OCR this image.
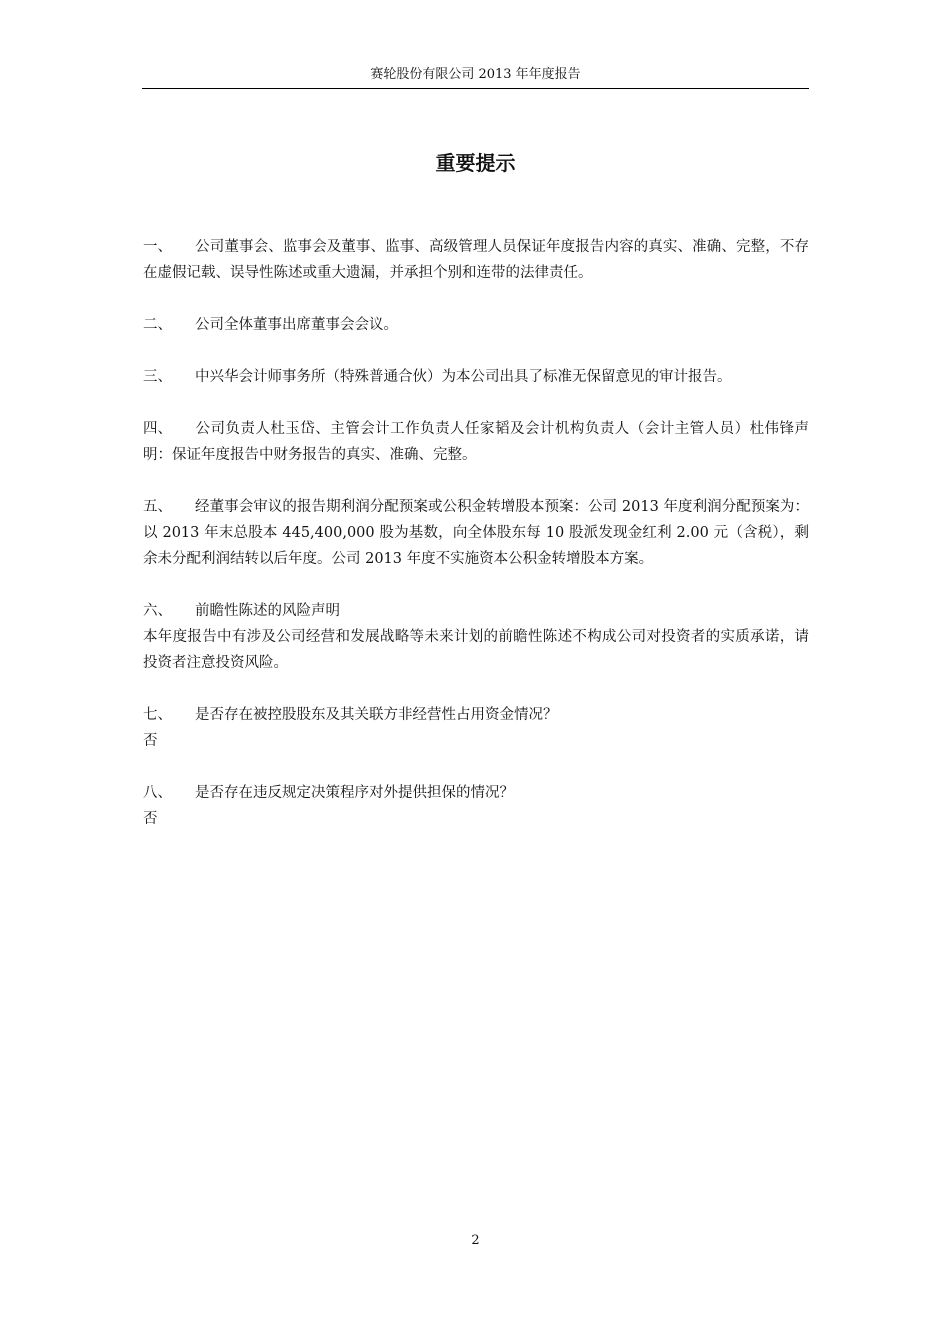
赛轮股份有限公司 2013 年年度报告
重要提示

一、 公司董事会、监事会及董事、监事、高级管理人员保证年度报告内容的真实、准确、完整，不存在虚假记载、误导性陈述或重大遗漏，并承担个别和连带的法律责任。

二、 公司全体董事出席董事会会议。

三、 中兴华会计师事务所（特殊普通合伙）为本公司出具了标准无保留意见的审计报告。

四、 公司负责人杜玉岱、主管会计工作负责人任家韬及会计机构负责人（会计主管人员）杜伟锋声明：保证年度报告中财务报告的真实、准确、完整。

五、 经董事会审议的报告期利润分配预案或公积金转增股本预案：公司 2013 年度利润分配预案为：以 2013 年末总股本 445,400,000 股为基数，向全体股东每 10 股派发现金红利 2.00 元（含税），剩余未分配利润结转以后年度。公司 2013 年度不实施资本公积金转增股本方案。

六、 前瞻性陈述的风险声明

本年度报告中有涉及公司经营和发展战略等未来计划的前瞻性陈述不构成公司对投资者的实质承诺，请投资者注意投资风险。

七、 是否存在被控股股东及其关联方非经营性占用资金情况？

否

八、 是否存在违反规定决策程序对外提供担保的情况？

否

2
